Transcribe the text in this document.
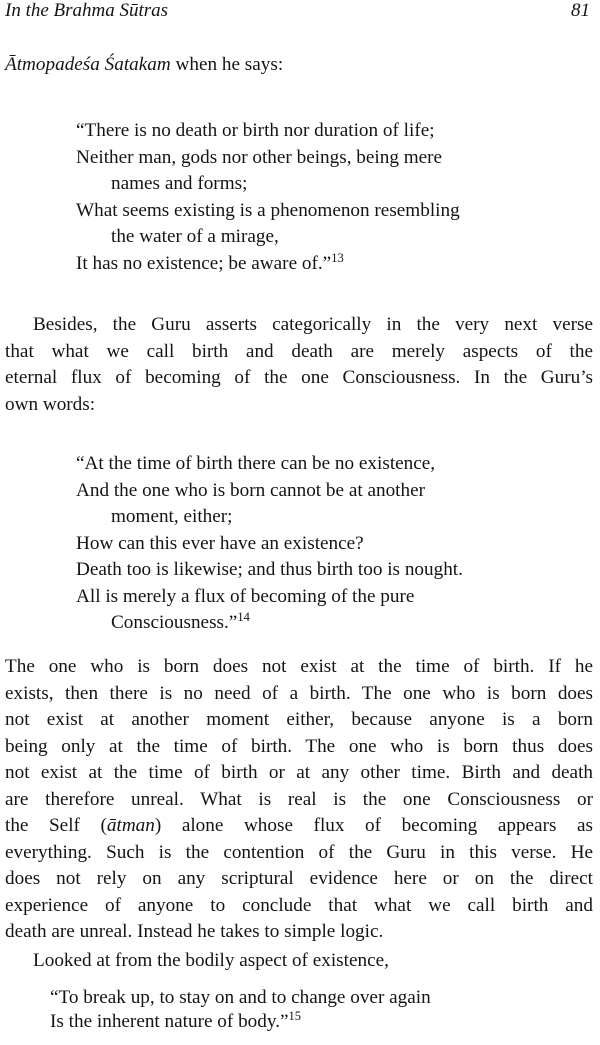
In the Brahma Sūtras	81
Ātmopadeśa Śatakam when he says:
“There is no death or birth nor duration of life;
Neither man, gods nor other beings, being mere
names and forms;
What seems existing is a phenomenon resembling
the water of a mirage,
It has no existence; be aware of.”$^{13}$
Besides, the Guru asserts categorically in the very next verse
that what we call birth and death are merely aspects of the
eternal flux of becoming of the one Consciousness. In the Guru’s
own words:
“At the time of birth there can be no existence,
And the one who is born cannot be at another
moment, either;
How can this ever have an existence?
Death too is likewise; and thus birth too is nought.
All is merely a flux of becoming of the pure
Consciousness.”$^{14}$
The one who is born does not exist at the time of birth. If he
exists, then there is no need of a birth. The one who is born does
not exist at another moment either, because anyone is a born
being only at the time of birth. The one who is born thus does
not exist at the time of birth or at any other time. Birth and death
are therefore unreal. What is real is the one Consciousness or
the Self (ātman) alone whose flux of becoming appears as
everything. Such is the contention of the Guru in this verse. He
does not rely on any scriptural evidence here or on the direct
experience of anyone to conclude that what we call birth and
death are unreal. Instead he takes to simple logic.
Looked at from the bodily aspect of existence,
“To break up, to stay on and to change over again
Is the inherent nature of body.”$^{15}$
